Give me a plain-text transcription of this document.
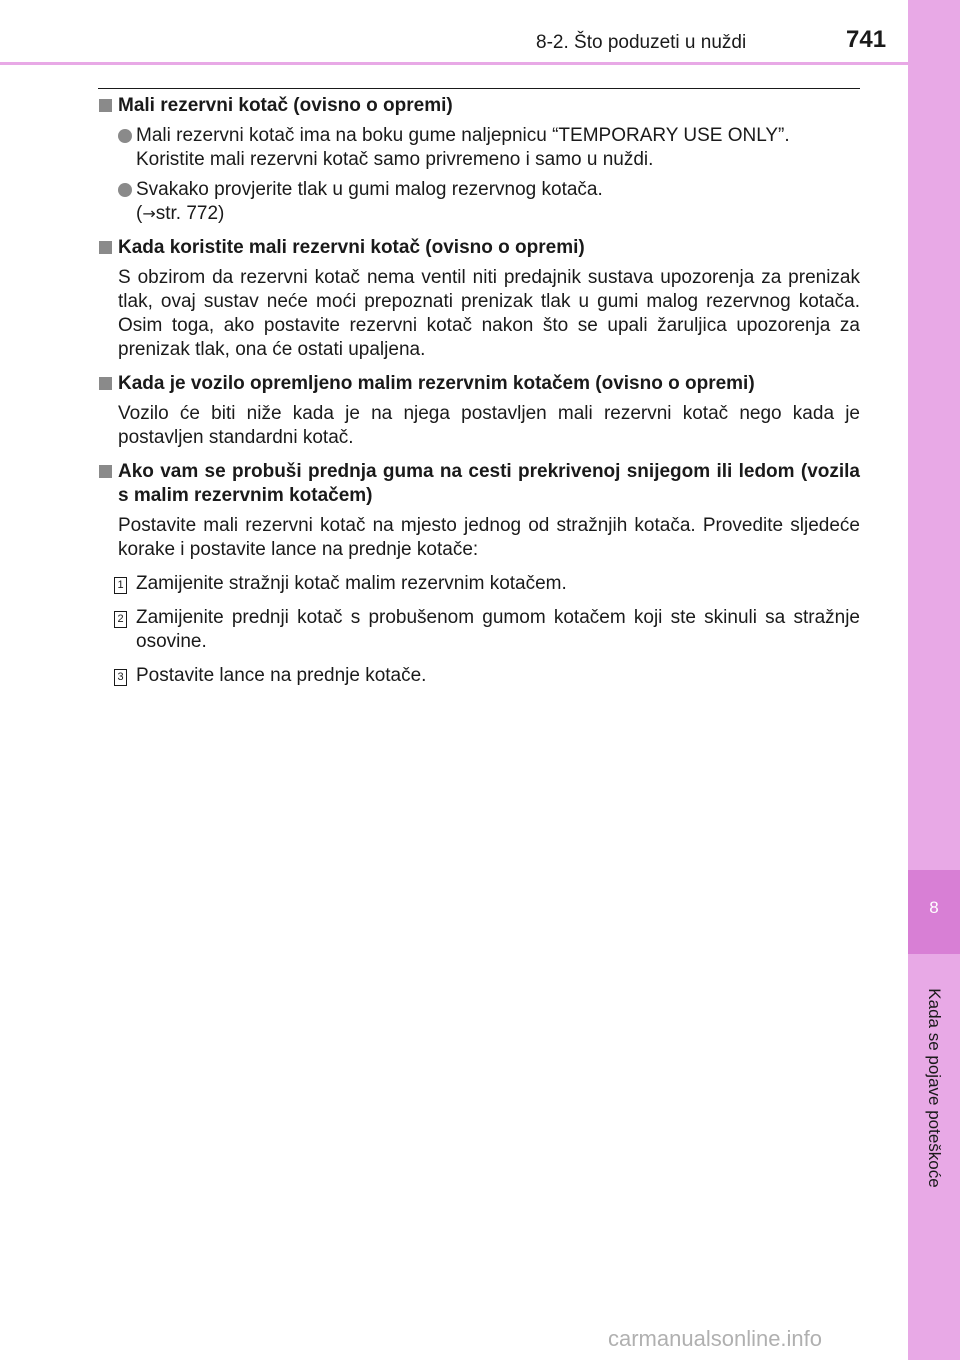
8-2. Što poduzeti u nuždi	741
8
Kada se pojave poteškoće
Mali rezervni kotač (ovisno o opremi)
Mali rezervni kotač ima na boku gume naljepnicu “TEMPORARY USE ONLY”.
Koristite mali rezervni kotač samo privremeno i samo u nuždi.
Svakako provjerite tlak u gumi malog rezervnog kotača.
(→str. 772)
Kada koristite mali rezervni kotač (ovisno o opremi)
S obzirom da rezervni kotač nema ventil niti predajnik sustava upozorenja za prenizak tlak, ovaj sustav neće moći prepoznati prenizak tlak u gumi malog rezervnog kotača. Osim toga, ako postavite rezervni kotač nakon što se upali žaruljica upozorenja za prenizak tlak, ona će ostati upaljena.
Kada je vozilo opremljeno malim rezervnim kotačem (ovisno o opremi)
Vozilo će biti niže kada je na njega postavljen mali rezervni kotač nego kada je postavljen standardni kotač.
Ako vam se probuši prednja guma na cesti prekrivenoj snijegom ili ledom (vozila s malim rezervnim kotačem)
Postavite mali rezervni kotač na mjesto jednog od stražnjih kotača. Provedite sljedeće korake i postavite lance na prednje kotače:
1 Zamijenite stražnji kotač malim rezervnim kotačem.
2 Zamijenite prednji kotač s probušenom gumom kotačem koji ste skinuli sa stražnje osovine.
3 Postavite lance na prednje kotače.
carmanualsonline.info
